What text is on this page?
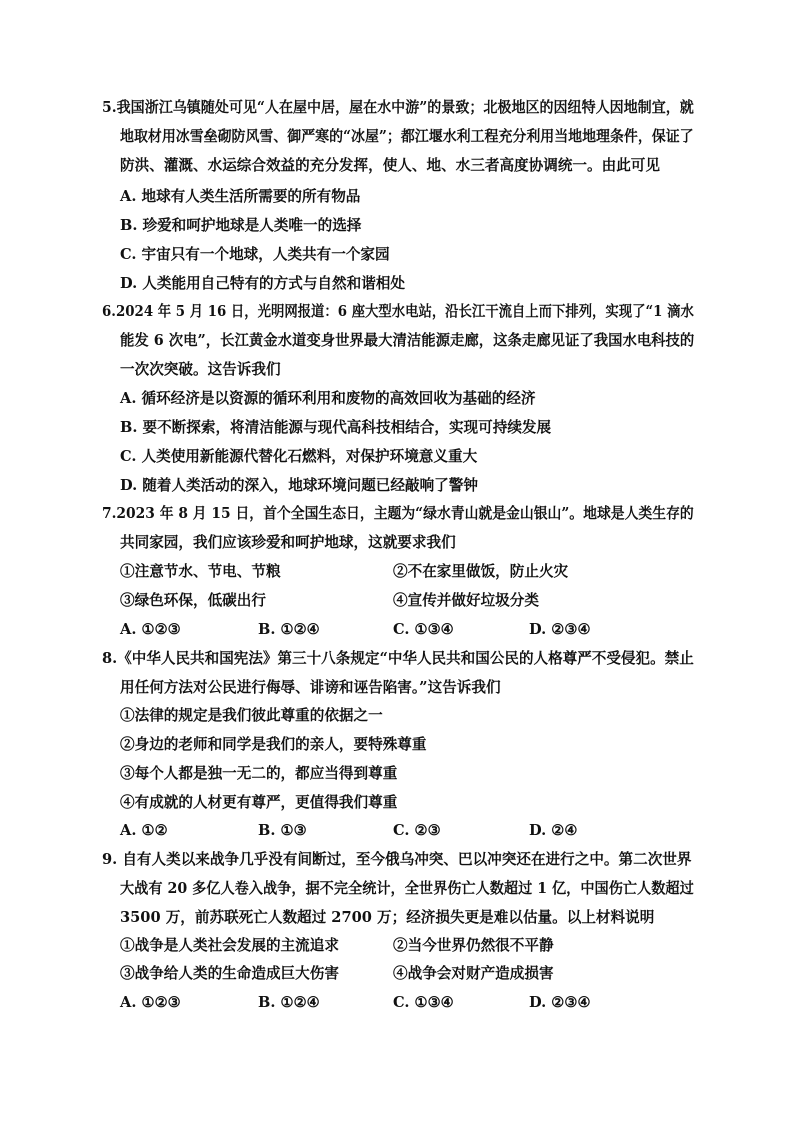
5.我国浙江乌镇随处可见“人在屋中居，屋在水中游”的景致；北极地区的因纽特人因地制宜，就
地取材用冰雪垒砌防风雪、御严寒的“冰屋”；都江堰水利工程充分利用当地地理条件，保证了
防洪、灌溉、水运综合效益的充分发挥，使人、地、水三者高度协调统一。由此可见
A. 地球有人类生活所需要的所有物品
B. 珍爱和呵护地球是人类唯一的选择
C. 宇宙只有一个地球，人类共有一个家园
D. 人类能用自己特有的方式与自然和谐相处
6.2024 年 5 月 16 日，光明网报道：6 座大型水电站，沿长江干流自上而下排列，实现了“1 滴水
能发 6 次电”，长江黄金水道变身世界最大清洁能源走廊，这条走廊见证了我国水电科技的
一次次突破。这告诉我们
A. 循环经济是以资源的循环利用和废物的高效回收为基础的经济
B. 要不断探索，将清洁能源与现代高科技相结合，实现可持续发展
C. 人类使用新能源代替化石燃料，对保护环境意义重大
D. 随着人类活动的深入，地球环境问题已经敲响了警钟
7.2023 年 8 月 15 日，首个全国生态日，主题为“绿水青山就是金山银山”。地球是人类生存的
共同家园，我们应该珍爱和呵护地球，这就要求我们
①注意节水、节电、节粮	②不在家里做饭，防止火灾
③绿色环保，低碳出行	④宣传并做好垃圾分类
A. ①②③	B. ①②④	C. ①③④	D. ②③④
8.《中华人民共和国宪法》第三十八条规定“中华人民共和国公民的人格尊严不受侵犯。禁止
用任何方法对公民进行侮辱、诽谤和诬告陷害。”这告诉我们
①法律的规定是我们彼此尊重的依据之一
②身边的老师和同学是我们的亲人，要特殊尊重
③每个人都是独一无二的，都应当得到尊重
④有成就的人材更有尊严，更值得我们尊重
A. ①②	B. ①③	C. ②③	D. ②④
9. 自有人类以来战争几乎没有间断过，至今俄乌冲突、巴以冲突还在进行之中。第二次世界
大战有 20 多亿人卷入战争，据不完全统计，全世界伤亡人数超过 1 亿，中国伤亡人数超过
3500 万，前苏联死亡人数超过 2700 万；经济损失更是难以估量。以上材料说明
①战争是人类社会发展的主流追求	②当今世界仍然很不平静
③战争给人类的生命造成巨大伤害	④战争会对财产造成损害
A. ①②③	B. ①②④	C. ①③④	D. ②③④
